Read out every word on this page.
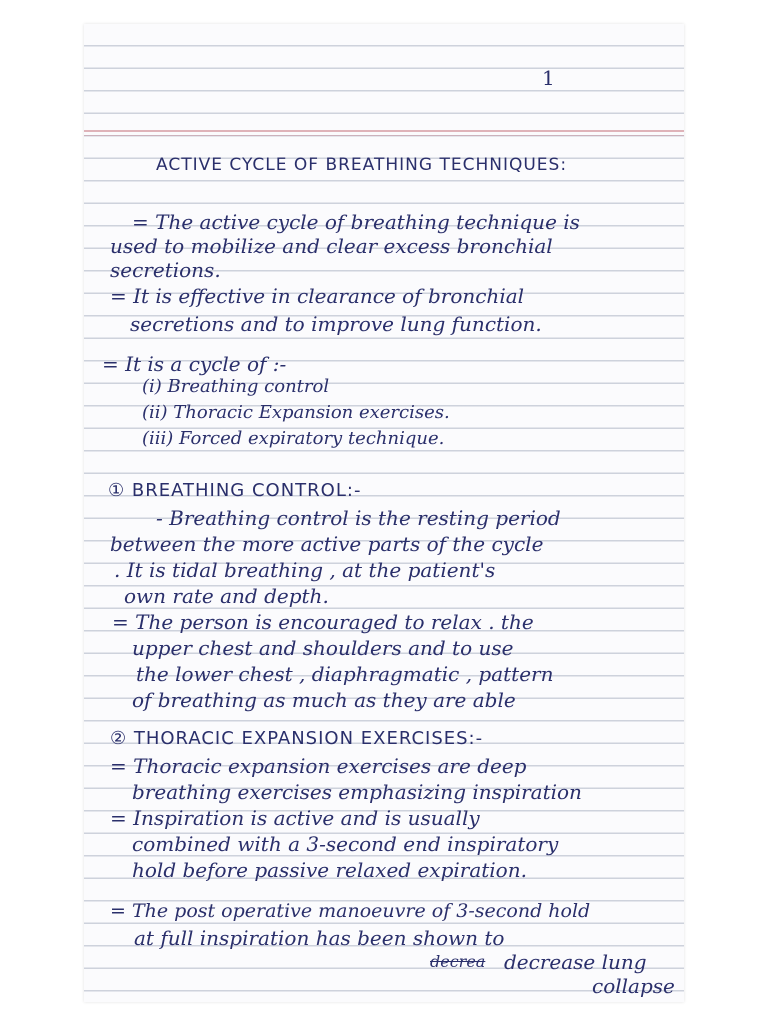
1
ACTIVE CYCLE OF BREATHING TECHNIQUES:
= The active cycle of breathing technique is
used to mobilize and clear excess bronchial
secretions.
= It is effective in clearance of bronchial
secretions and to improve lung function.
= It is a cycle of :-
(i) Breathing control
(ii) Thoracic Expansion exercises.
(iii) Forced expiratory technique.
① BREATHING CONTROL:-
- Breathing control is the resting period
between the more active parts of the cycle
. It is tidal breathing , at the patient's
own rate and depth.
= The person is encouraged to relax . the
upper chest and shoulders and to use
the lower chest , diaphragmatic , pattern
of breathing as much as they are able
② THORACIC EXPANSION EXERCISES:-
= Thoracic expansion exercises are deep
breathing exercises emphasizing inspiration
= Inspiration is active and is usually
combined with a 3-second end inspiratory
hold before passive relaxed expiration.
= The post operative manoeuvre of 3-second hold
at full inspiration has been shown to
decrea decrease lung
collapse
